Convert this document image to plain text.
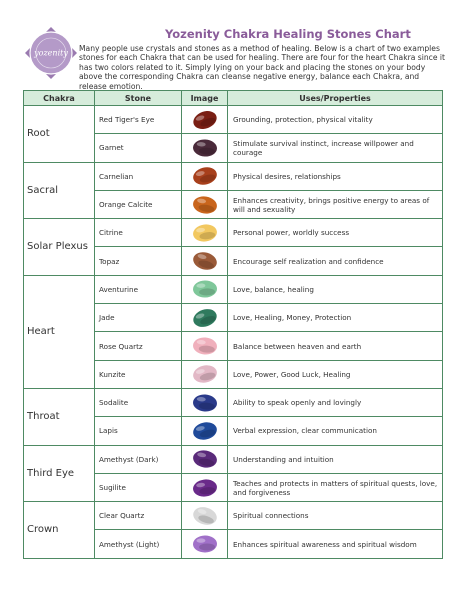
yozenity
Yozenity Chakra Healing Stones Chart
Many people use crystals and stones as a method of healing. Below is a chart of two examples stones for each Chakra that can be used for healing. There are four for the heart Chakra since it has two colors related to it. Simply lying on your back and placing the stones on your body above the corresponding Chakra can cleanse negative energy, balance each Chakra, and release emotion.
Chakra	Stone	Image	Uses/Properties
Root	Red Tiger's Eye		Grounding, protection, physical vitality
	Garnet		Stimulate survival instinct, increase willpower and courage
Sacral	Carnelian		Physical desires, relationships
	Orange Calcite		Enhances creativity, brings positive energy to areas of will and sexuality
Solar Plexus	Citrine		Personal power, worldly success
	Topaz		Encourage self realization and confidence
Heart	Aventurine		Love, balance, healing
	Jade		Love, Healing, Money, Protection
	Rose Quartz		Balance between heaven and earth
	Kunzite		Love, Power, Good Luck, Healing
Throat	Sodalite		Ability to speak openly and lovingly
	Lapis		Verbal expression, clear communication
Third Eye	Amethyst (Dark)		Understanding and intuition
	Sugilite		Teaches and protects in matters of spiritual quests, love, and forgiveness
Crown	Clear Quartz		Spiritual connections
	Amethyst (Light)		Enhances spiritual awareness and spiritual wisdom
